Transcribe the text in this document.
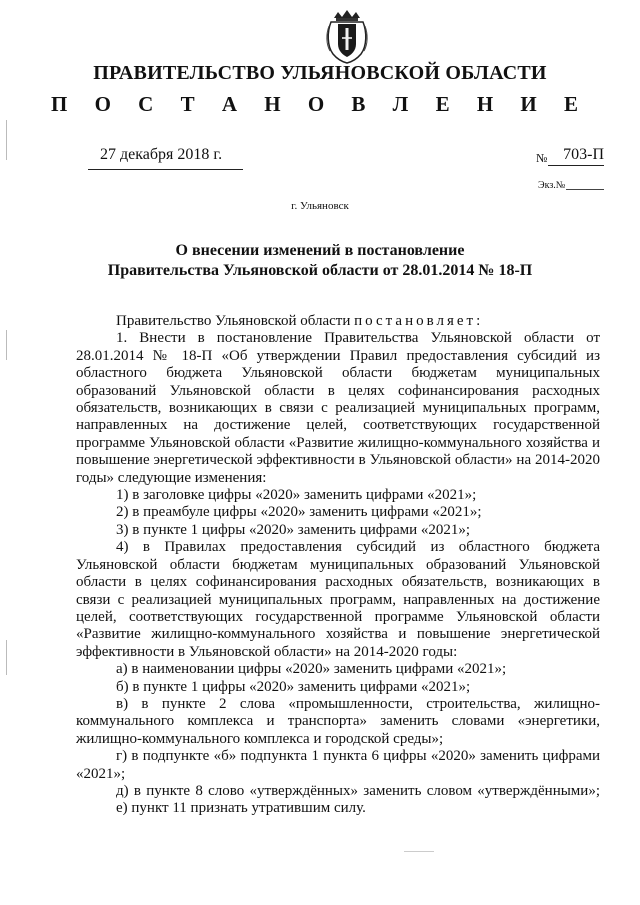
ПРАВИТЕЛЬСТВО УЛЬЯНОВСКОЙ ОБЛАСТИ
П О С Т А Н О В Л Е Н И Е
27 декабря 2018 г.	№ 703-П
Экз.№
г. Ульяновск
О внесении изменений в постановление
Правительства Ульяновской области от 28.01.2014 № 18-П

Правительство Ульяновской области постановляет:

1. Внести в постановление Правительства Ульяновской области от 28.01.2014 № 18-П «Об утверждении Правил предоставления субсидий из областного бюджета Ульяновской области бюджетам муниципальных образований Ульяновской области в целях софинансирования расходных обязательств, возникающих в связи с реализацией муниципальных программ, направленных на достижение целей, соответствующих государственной программе Ульяновской области «Развитие жилищно-коммунального хозяйства и повышение энергетической эффективности в Ульяновской области» на 2014-2020 годы» следующие изменения:

1) в заголовке цифры «2020» заменить цифрами «2021»;

2) в преамбуле цифры «2020» заменить цифрами «2021»;

3) в пункте 1 цифры «2020» заменить цифрами «2021»;

4) в Правилах предоставления субсидий из областного бюджета Ульяновской области бюджетам муниципальных образований Ульяновской области в целях софинансирования расходных обязательств, возникающих в связи с реализацией муниципальных программ, направленных на достижение целей, соответствующих государственной программе Ульяновской области «Развитие жилищно-коммунального хозяйства и повышение энергетической эффективности в Ульяновской области» на 2014-2020 годы:

а) в наименовании цифры «2020» заменить цифрами «2021»;

б) в пункте 1 цифры «2020» заменить цифрами «2021»;

в) в пункте 2 слова «промышленности, строительства, жилищно-коммунального комплекса и транспорта» заменить словами «энергетики, жилищно-коммунального комплекса и городской среды»;

г) в подпункте «б» подпункта 1 пункта 6 цифры «2020» заменить цифрами «2021»;

д) в пункте 8 слово «утверждённых» заменить словом «утверждёнными»;

е) пункт 11 признать утратившим силу.
